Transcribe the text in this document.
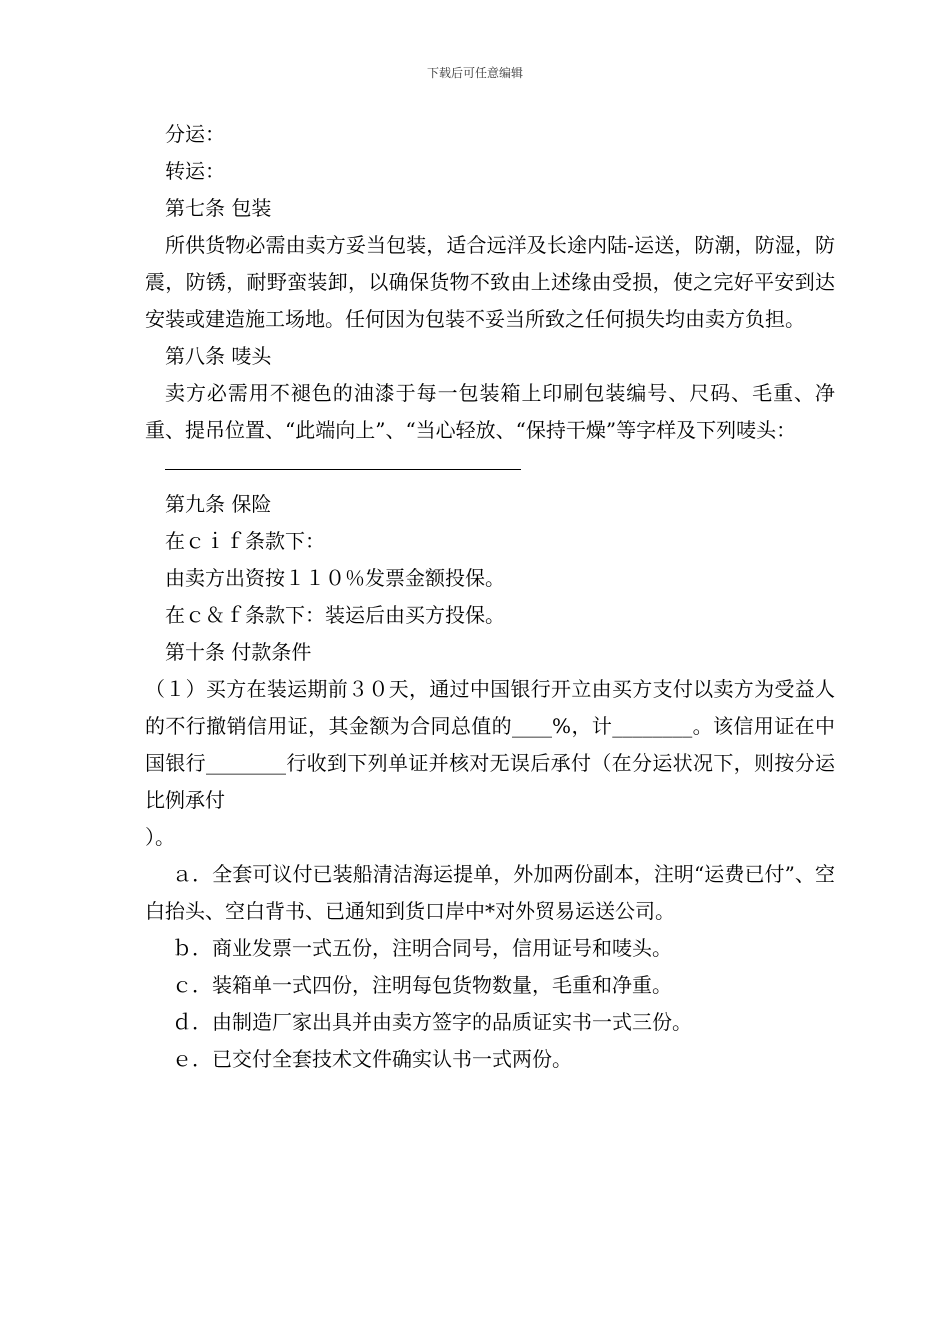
下载后可任意编辑

分运：

转运：

第七条 包装

所供货物必需由卖方妥当包装，适合远洋及长途内陆-运送，防潮，防湿，防震，防锈，耐野蛮装卸，以确保货物不致由上述缘由受损，使之完好平安到达安装或建造施工场地。任何因为包装不妥当所致之任何损失均由卖方负担。

第八条 唛头

卖方必需用不褪色的油漆于每一包装箱上印刷包装编号、尺码、毛重、净重、提吊位置、“此端向上”、“当心轻放、“保持干燥”等字样及下列唛头：

第九条 保险

在ｃｉｆ条款下：

由卖方出资按１１０％发票金额投保。

在ｃ＆ｆ条款下：装运后由买方投保。

第十条 付款条件

（１）买方在装运期前３０天，通过中国银行开立由买方支付以卖方为受益人的不行撤销信用证，其金额为合同总值的____%，计________。该信用证在中国银行________行收到下列单证并核对无误后承付（在分运状况下，则按分运比例承付

）。

ａ．全套可议付已装船清洁海运提单，外加两份副本，注明“运费已付”、空白抬头、空白背书、已通知到货口岸中*对外贸易运送公司。

ｂ．商业发票一式五份，注明合同号，信用证号和唛头。

ｃ．装箱单一式四份，注明每包货物数量，毛重和净重。

ｄ．由制造厂家出具并由卖方签字的品质证实书一式三份。

ｅ．已交付全套技术文件确实认书一式两份。
